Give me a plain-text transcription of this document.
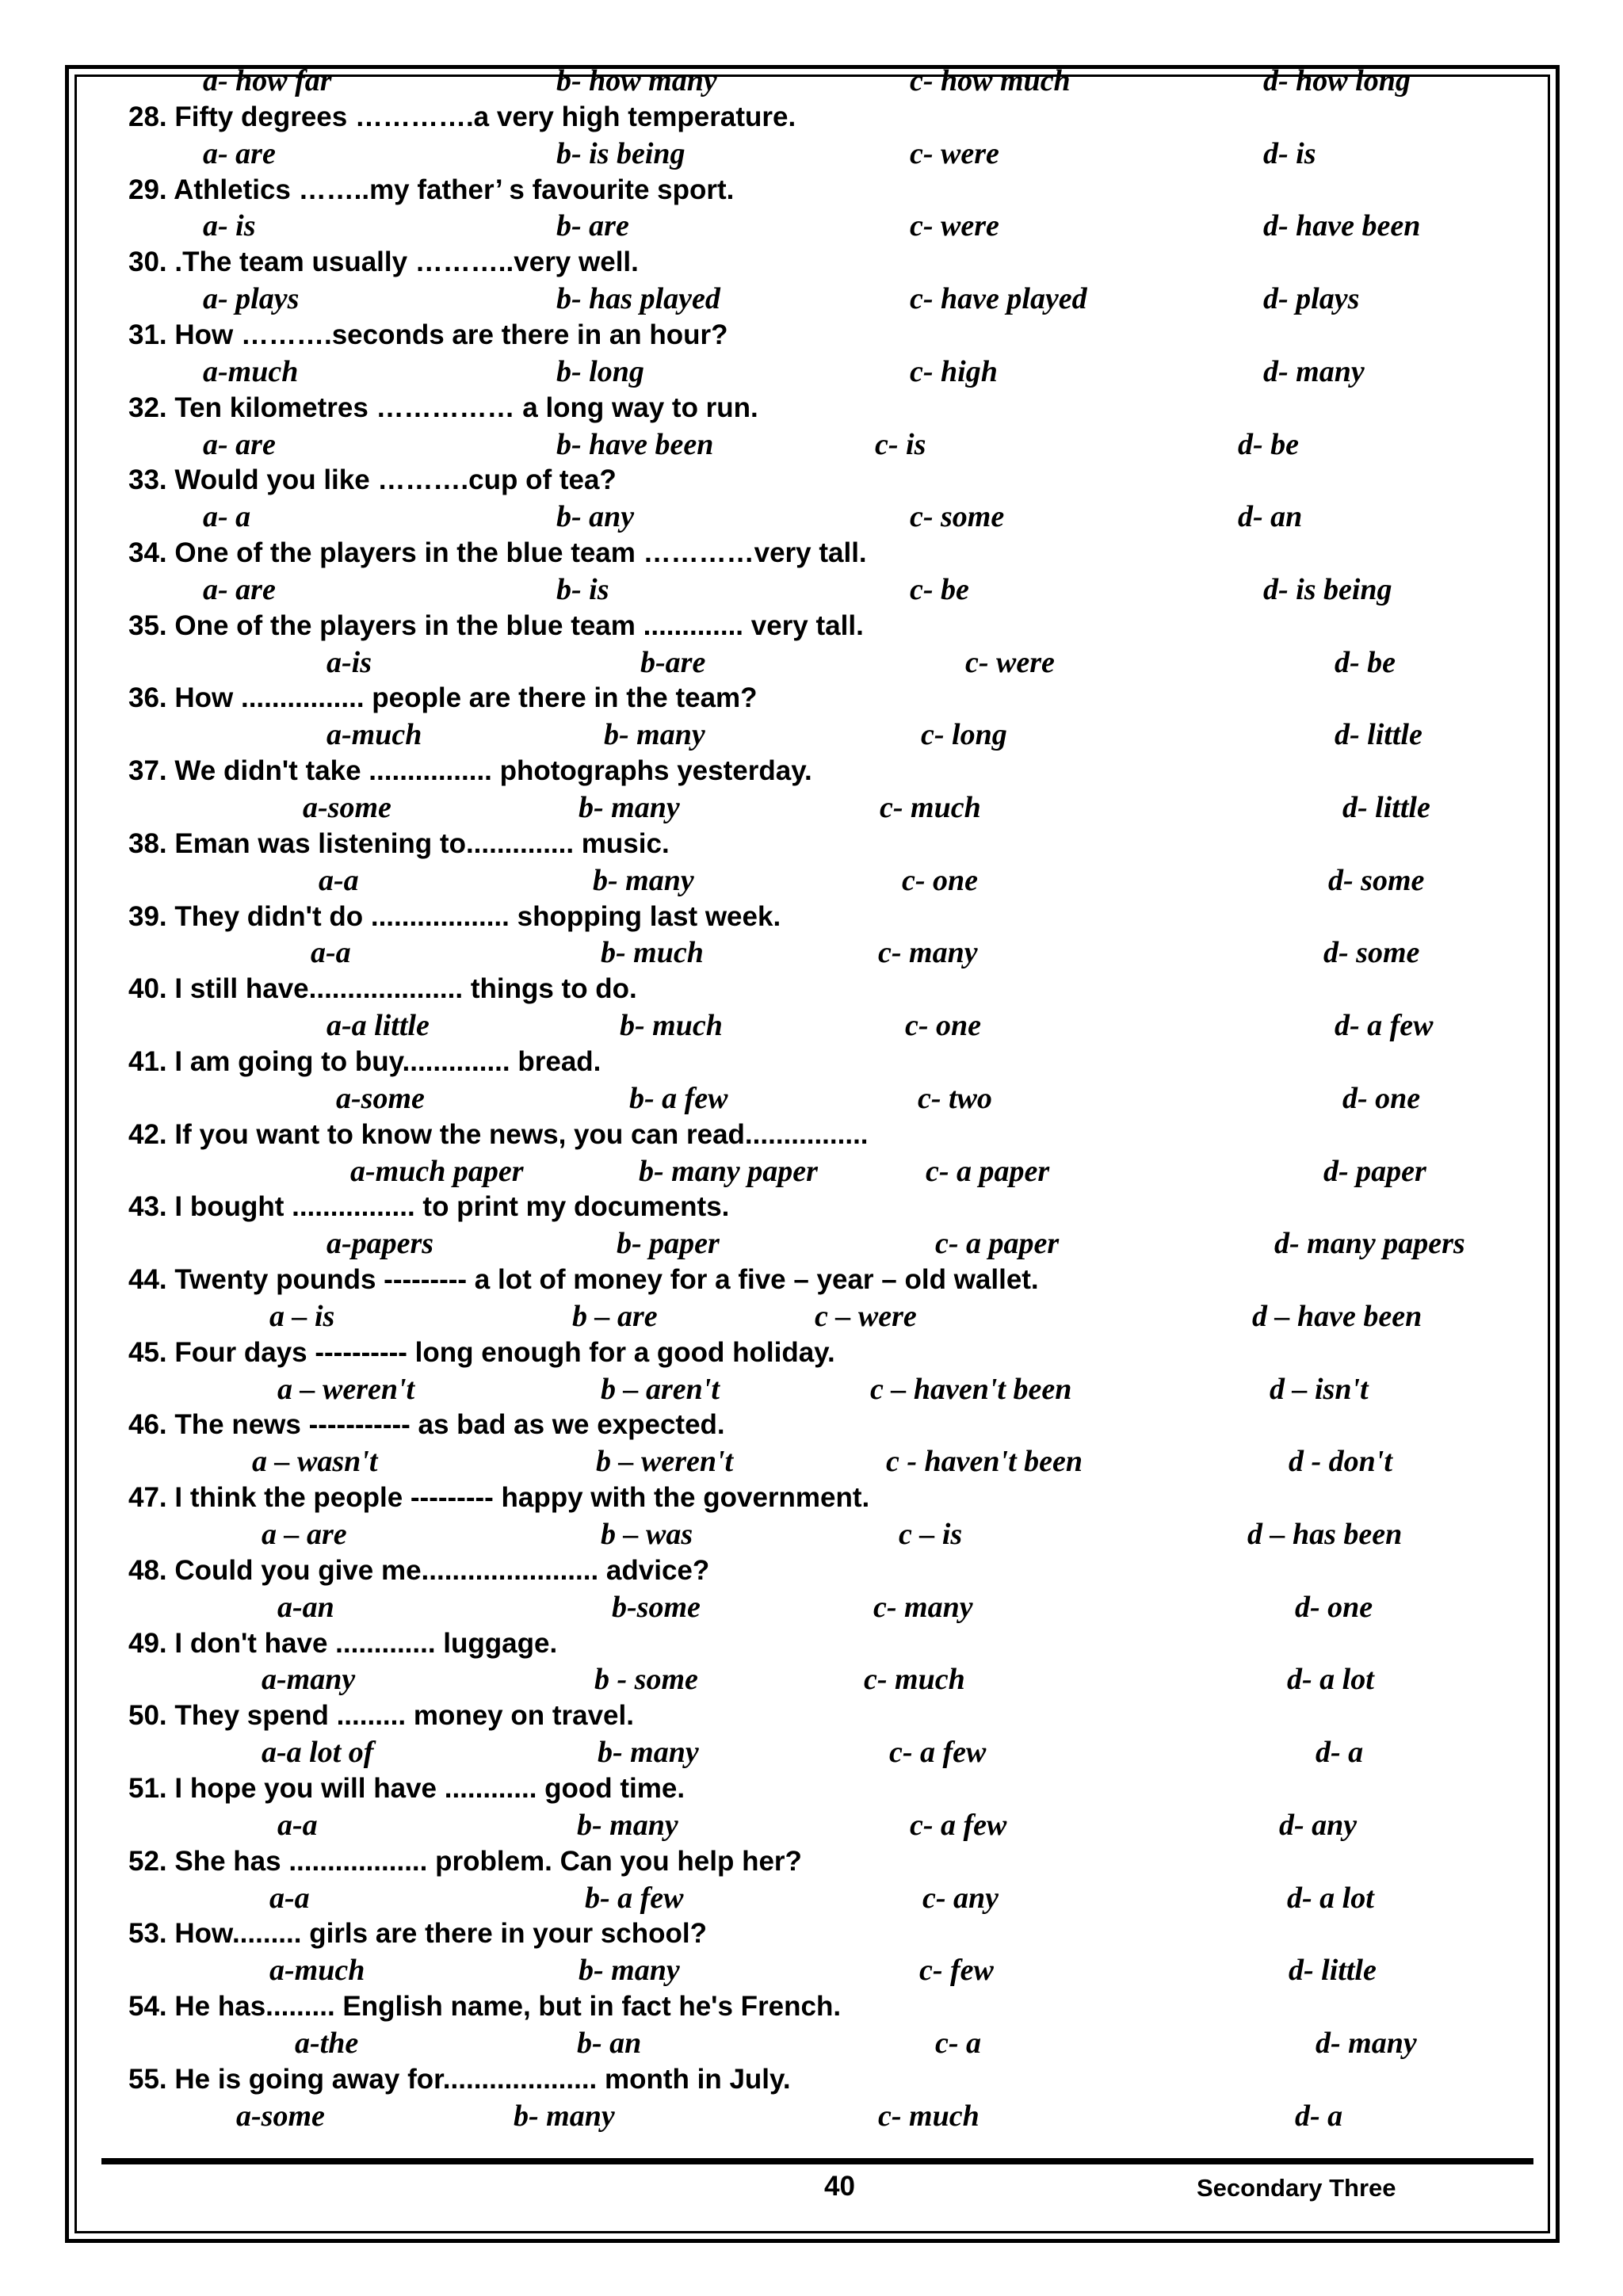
a- how far	b- how many	c- how much	d- how long
28. Fifty degrees ………….a very high temperature.
a- are	b- is being	c- were	d- is
29. Athletics ……..my father’ s favourite sport.
a- is	b- are	c- were	d- have been
30. .The team usually ………..very well.
a- plays	b- has played	c- have played	d- plays
31. How ……….seconds are there in an hour?
a-much	b- long	c- high	d- many
32. Ten kilometres …………… a long way to run.
a- are	b- have been	c- is	d- be
33. Would you like ……….cup of tea?
a- a	b- any	c- some	d- an
34. One of the players in the blue team …………very tall.
a- are	b- is	c- be	d- is being
35. One of the players in the blue team ............. very tall.
a-is	b-are	c- were	d- be
36. How ................ people are there in the team?
a-much	b- many	c- long	d- little
37. We didn't take ................ photographs yesterday.
a-some	b- many	c- much	d- little
38. Eman was listening to.............. music.
a-a	b- many	c- one	d- some
39. They didn't do .................. shopping last week.
a-a	b- much	c- many	d- some
40. I still have.................... things to do.
a-a little	b- much	c- one	d- a few
41. I am going to buy.............. bread.
a-some	b- a few	c- two	d- one
42. If you want to know the news, you can read................
a-much paper	b- many paper	c- a paper	d- paper
43. I bought ................ to print my documents.
a-papers	b- paper	c- a paper	d- many papers
44. Twenty pounds --------- a lot of money for a five – year – old wallet.
a – is	b – are	c – were	d – have been
45. Four days ---------- long enough for a good holiday.
a – weren't	b – aren't	c – haven't been	d – isn't
46. The news ----------- as bad as we expected.
a – wasn't	b – weren't	c - haven't been	d - don't
47. I think the people --------- happy with the government.
a – are	b – was	c – is	d – has been
48. Could you give me....................... advice?
a-an	b-some	c- many	d- one
49. I don't have ............. luggage.
a-many	b - some	c- much	d- a lot
50. They spend ......... money on travel.
a-a lot of	b- many	c- a few	d- a
51. I hope you will have ............ good time.
a-a	b- many	c- a few	d- any
52. She has .................. problem. Can you help her?
a-a	b- a few	c- any	d- a lot
53. How......... girls are there in your school?
a-much	b- many	c- few	d- little
54. He has......... English name, but in fact he's French.
a-the	b- an	c- a	d- many
55. He is going away for.................... month in July.
a-some	b- many	c- much	d- a
40	Secondary Three
